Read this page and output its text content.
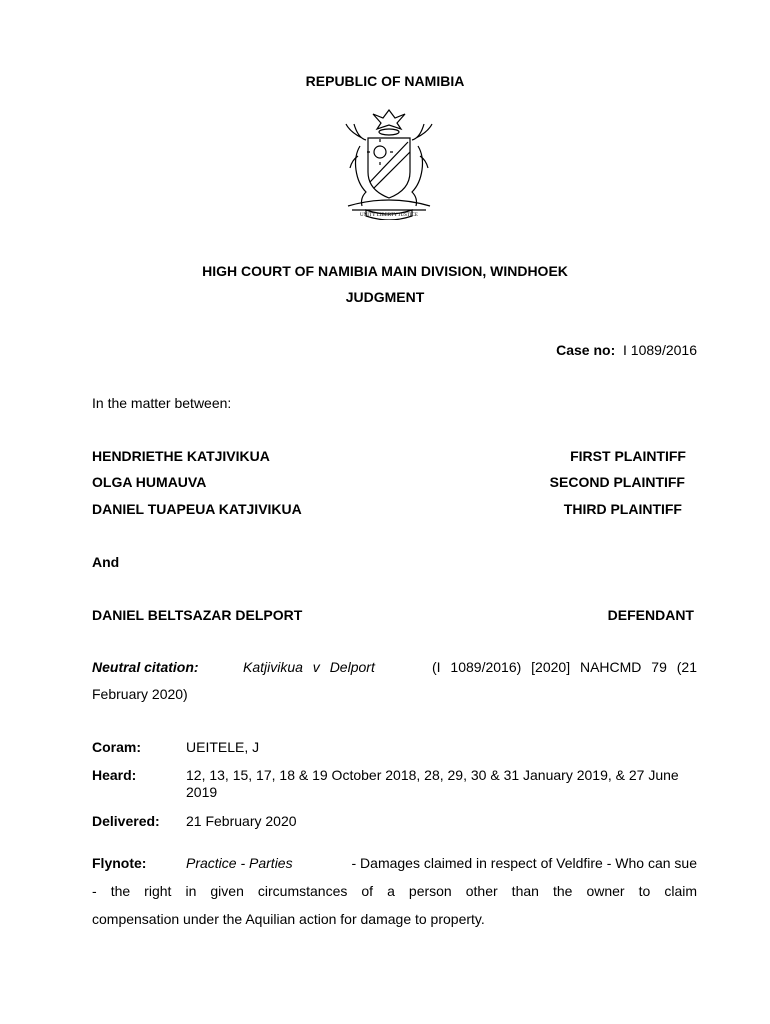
REPUBLIC OF NAMIBIA
UNITY LIBERTY JUSTICE
HIGH COURT OF NAMIBIA MAIN DIVISION, WINDHOEK
JUDGMENT
Case no: I 1089/2016
In the matter between:
HENDRIETHE KATJIVIKUA	FIRST PLAINTIFF
OLGA HUMAUVA	SECOND PLAINTIFF
DANIEL TUAPEUA KATJIVIKUA	THIRD PLAINTIFF
And
DANIEL BELTSAZAR DELPORT	DEFENDANT
Neutral citation:	Katjivikua v Delport	(I 1089/2016) [2020] NAHCMD 79 (21
February 2020)
Coram:	UEITELE, J
Heard:	12, 13, 15, 17, 18 & 19 October 2018, 28, 29, 30 & 31 January 2019, & 27 June 2019
Delivered: 21 February 2020
Flynote:	Practice - Parties	- Damages claimed in respect of Veldfire - Who can sue
- the right in given circumstances of a person other than the owner to claim
compensation under the Aquilian action for damage to property.
